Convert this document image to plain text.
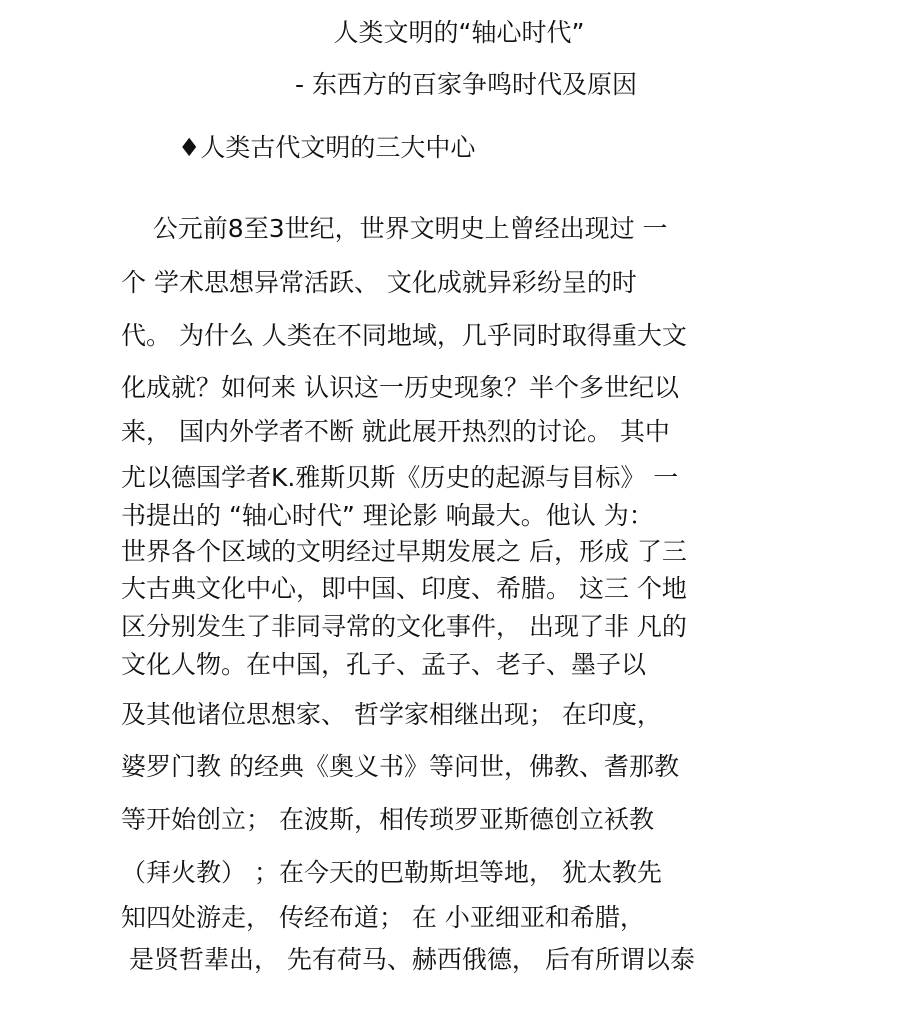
人类文明的“轴心时代”
- 东西方的百家争鸣时代及原因
♦人类古代文明的三大中心
公元前8至3世纪，世界文明史上曾经出现过 一
个 学术思想异常活跃、 文化成就异彩纷呈的时
代。 为什么 人类在不同地域，几乎同时取得重大文
化成就？如何来 认识这一历史现象？半个多世纪以
来， 国内外学者不断 就此展开热烈的讨论。 其中
尤以德国学者K.雅斯贝斯《历史的起源与目标》 一
书提出的 “轴心时代” 理论影 响最大。他认 为：
世界各个区域的文明经过早期发展之 后，形成 了三
大古典文化中心，即中国、印度、希腊。 这三 个地
区分别发生了非同寻常的文化事件， 出现了非 凡的
文化人物。在中国，孔子、孟子、老子、墨子以
及其他诸位思想家、 哲学家相继出现； 在印度，
婆罗门教 的经典《奥义书》等问世，佛教、耆那教
等开始创立； 在波斯，相传琐罗亚斯德创立袄教
（拜火教） ；在今天的巴勒斯坦等地， 犹太教先
知四处游走， 传经布道； 在 小亚细亚和希腊，
是贤哲辈出， 先有荷马、赫西俄德， 后有所谓以泰
